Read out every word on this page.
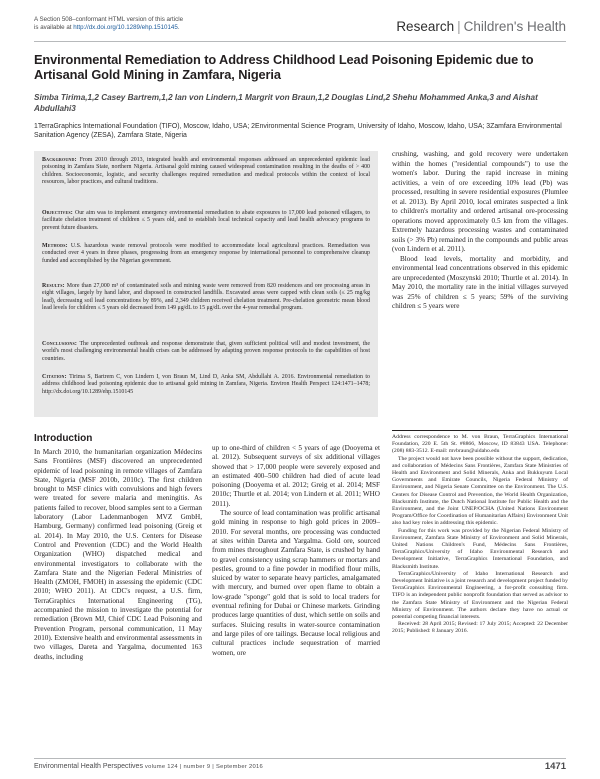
A Section 508–conformant HTML version of this article
is available at http://dx.doi.org/10.1289/ehp.1510145.	Research | Children's Health
Environmental Remediation to Address Childhood Lead Poisoning Epidemic due to Artisanal Gold Mining in Zamfara, Nigeria
Simba Tirima,1,2 Casey Bartrem,1,2 Ian von Lindern,1 Margrit von Braun,1,2 Douglas Lind,2 Shehu Mohammed Anka,3 and Aishat Abdullahi3
1TerraGraphics International Foundation (TIFO), Moscow, Idaho, USA; 2Environmental Science Program, University of Idaho, Moscow, Idaho, USA; 3Zamfara Environmental Sanitation Agency (ZESA), Zamfara State, Nigeria
Background: From 2010 through 2013, integrated health and environmental responses addressed an unprecedented epidemic lead poisoning in Zamfara State, northern Nigeria. Artisanal gold mining caused widespread contamination resulting in the deaths of > 400 children. Socioeconomic, logistic, and security challenges required remediation and medical protocols within the context of local resources, labor practices, and cultural traditions.
Objectives: Our aim was to implement emergency environmental remediation to abate exposures to 17,000 lead poisoned villagers, to facilitate chelation treatment of children ≤ 5 years old, and to establish local technical capacity and lead health advocacy programs to prevent future disasters.
Methods: U.S. hazardous waste removal protocols were modified to accommodate local agricultural practices. Remediation was conducted over 4 years in three phases, progressing from an emergency response by international personnel to comprehensive cleanup funded and accomplished by the Nigerian government.
Results: More than 27,000 m³ of contaminated soils and mining waste were removed from 820 residences and ore processing areas in eight villages, largely by hand labor, and disposed in constructed landfills. Excavated areas were capped with clean soils (≤ 25 mg/kg lead), decreasing soil lead concentrations by 89%, and 2,349 children received chelation treatment. Pre-chelation geometric mean blood lead levels for children ≤ 5 years old decreased from 149 μg/dL to 15 μg/dL over the 4-year remedial program.
Conclusions: The unprecedented outbreak and response demonstrate that, given sufficient political will and modest investment, the world's most challenging environmental health crises can be addressed by adapting proven response protocols to the capabilities of host countries.
Citation: Tirima S, Bartrem C, von Lindern I, von Braun M, Lind D, Anka SM, Abdullahi A. 2016. Environmental remediation to address childhood lead poisoning epidemic due to artisanal gold mining in Zamfara, Nigeria. Environ Health Perspect 124:1471–1478; http://dx.doi.org/10.1289/ehp.1510145

crushing, washing, and gold recovery were undertaken within the homes ("residential compounds") to use the women's labor. During the rapid increase in mining activities, a vein of ore exceeding 10% lead (Pb) was processed, resulting in severe residential exposures (Plumlee et al. 2013). By April 2010, local emirates suspected a link to children's mortality and ordered artisanal ore-processing operations moved approximately 0.5 km from the villages. Extremely hazardous processing wastes and contaminated soils (> 3% Pb) remained in the compounds and public areas (von Lindern et al. 2011).

Blood lead levels, mortality and morbidity, and environmental lead concentrations observed in this epidemic are unprecedented (Moszynski 2010; Thurtle et al. 2014). In May 2010, the mortality rate in the initial villages surveyed was 25% of children ≤ 5 years; 59% of the surviving children ≤ 5 years were

Address correspondence to M. von Braun, TerraGraphics International Foundation, 220 E. 5th St. #8866, Moscow, ID 83843 USA. Telephone: (208) 883-3512. E-mail: mvbraun@uidaho.edu

The project would not have been possible without the support, dedication, and collaboration of Médecins Sans Frontières, Zamfara State Ministries of Health and Environment and Solid Minerals, Anka and Bukkuyum Local Governments and Emirate Councils, Nigeria Federal Ministry of Environment, and Nigeria Senate Committee on the Environment. The U.S. Centers for Disease Control and Prevention, the World Health Organization, Blacksmith Institute, the Dutch National Institute for Public Health and the Environment, and the Joint UNEP/OCHA (United Nations Environment Program/Office for Coordination of Humanitarian Affairs) Environment Unit also had key roles in addressing this epidemic.

Funding for this work was provided by the Nigerian Federal Ministry of Environment, Zamfara State Ministry of Environment and Solid Minerals, United Nations Children's Fund, Médecins Sans Frontières, TerraGraphics/University of Idaho Environmental Research and Development Initiative, TerraGraphics International Foundation, and Blacksmith Institute.

TerraGraphics/University of Idaho International Research and Development Initiative is a joint research and development project funded by TerraGraphics Environmental Engineering, a for-profit consulting firm. TIFO is an independent public nonprofit foundation that served as advisor to the Zamfara State Ministry of Environment and the Nigerian Federal Ministry of Environment. The authors declare they have no actual or potential competing financial interests.

Received: 28 April 2015; Revised: 17 July 2015; Accepted: 22 December 2015; Published: 8 January 2016.

Introduction

In March 2010, the humanitarian organization Médecins Sans Frontières (MSF) discovered an unprecedented epidemic of lead poisoning in remote villages of Zamfara State, Nigeria (MSF 2010b, 2010c). The first children brought to MSF clinics with convulsions and high fevers were treated for severe malaria and meningitis. As patients failed to recover, blood samples sent to a German laboratory (Labor Ladenmanbogen MVZ GmbH, Hamburg, Germany) confirmed lead poisoning (Greig et al. 2014). In May 2010, the U.S. Centers for Disease Control and Prevention (CDC) and the World Health Organization (WHO) dispatched medical and environmental investigators to collaborate with the Zamfara State and the Nigerian Federal Ministries of Health (ZMOH, FMOH) in assessing the epidemic (CDC 2010; WHO 2011). At CDC's request, a U.S. firm, TerraGraphics International Engineering (TG), accompanied the mission to investigate the potential for remediation (Brown MJ, Chief CDC Lead Poisoning and Prevention Program, personal communication, 11 May 2010). Extensive health and environmental assessments in two villages, Dareta and Yargalma, documented 163 deaths, including

up to one-third of children < 5 years of age (Dooyema et al. 2012). Subsequent surveys of six additional villages showed that > 17,000 people were severely exposed and an estimated 400–500 children had died of acute lead poisoning (Dooyema et al. 2012; Greig et al. 2014; MSF 2010c; Thurtle et al. 2014; von Lindern et al. 2011; WHO 2011).

The source of lead contamination was prolific artisanal gold mining in response to high gold prices in 2009–2010. For several months, ore processing was conducted at sites within Dareta and Yargalma. Gold ore, sourced from mines throughout Zamfara State, is crushed by hand to gravel consistency using scrap hammers or mortars and pestles, ground to a fine powder in modified flour mills, sluiced by water to separate heavy particles, amalgamated with mercury, and burned over open flame to obtain a low-grade "sponge" gold that is sold to local traders for eventual refining for Dubai or Chinese markets. Grinding produces large quantities of dust, which settle on soils and surfaces. Sluicing results in water-source contamination and large piles of ore tailings. Because local religious and cultural practices include sequestration of married women, ore

Environmental Health Perspectives volume 124 | number 9 | September 2016	1471
